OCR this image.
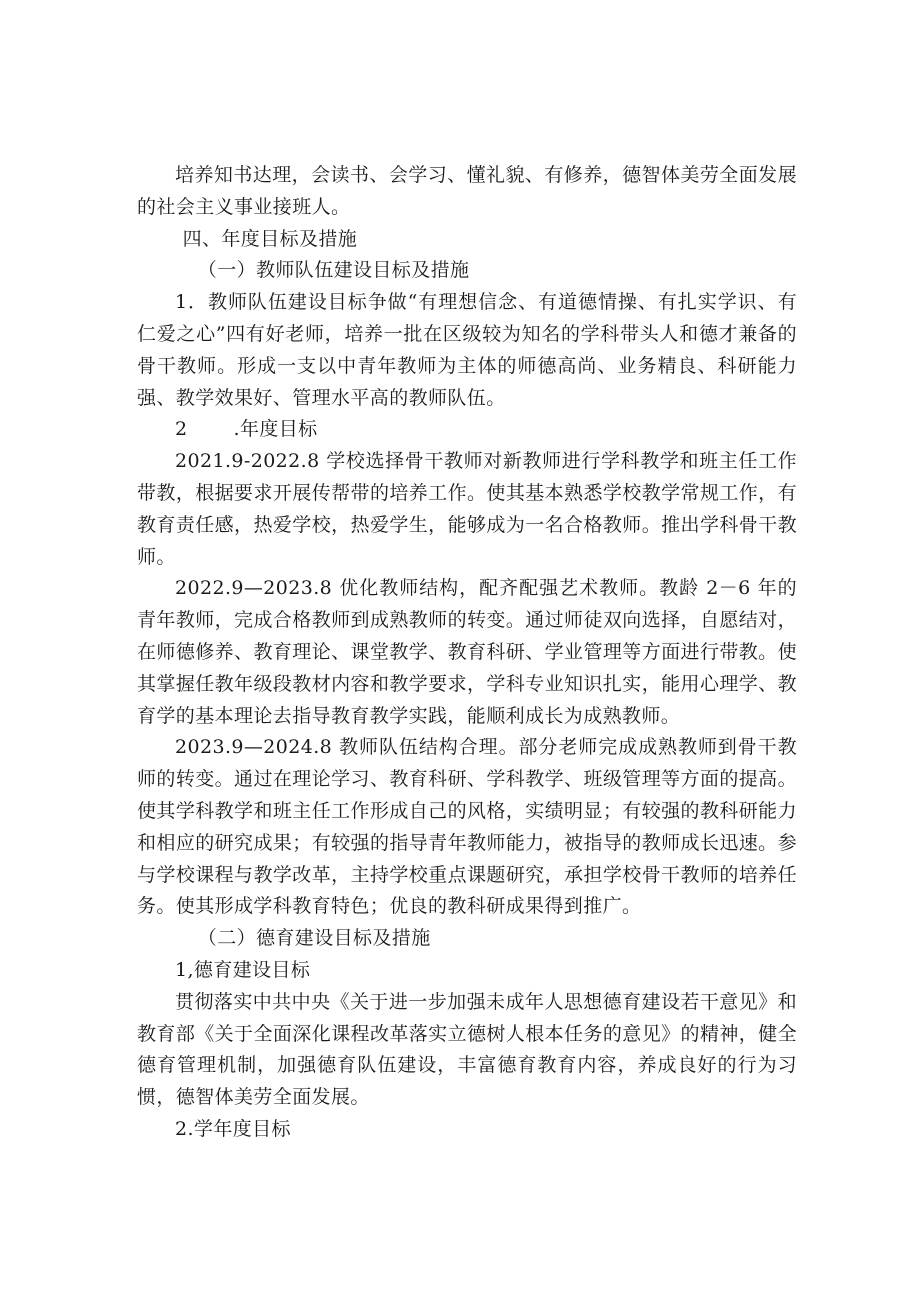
培养知书达理，会读书、会学习、懂礼貌、有修养，德智体美劳全面发展的社会主义事业接班人。

四、年度目标及措施

（一）教师队伍建设目标及措施

1．教师队伍建设目标争做“有理想信念、有道德情操、有扎实学识、有仁爱之心”四有好老师，培养一批在区级较为知名的学科带头人和德才兼备的骨干教师。形成一支以中青年教师为主体的师德高尚、业务精良、科研能力强、教学效果好、管理水平高的教师队伍。

2 .年度目标

2021.9-2022.8 学校选择骨干教师对新教师进行学科教学和班主任工作带教，根据要求开展传帮带的培养工作。使其基本熟悉学校教学常规工作，有教育责任感，热爱学校，热爱学生，能够成为一名合格教师。推出学科骨干教师。

2022.9—2023.8 优化教师结构，配齐配强艺术教师。教龄 2－6 年的青年教师，完成合格教师到成熟教师的转变。通过师徒双向选择，自愿结对，在师德修养、教育理论、课堂教学、教育科研、学业管理等方面进行带教。使其掌握任教年级段教材内容和教学要求，学科专业知识扎实，能用心理学、教育学的基本理论去指导教育教学实践，能顺利成长为成熟教师。

2023.9—2024.8 教师队伍结构合理。部分老师完成成熟教师到骨干教师的转变。通过在理论学习、教育科研、学科教学、班级管理等方面的提高。使其学科教学和班主任工作形成自己的风格，实绩明显；有较强的教科研能力和相应的研究成果；有较强的指导青年教师能力，被指导的教师成长迅速。参与学校课程与教学改革，主持学校重点课题研究，承担学校骨干教师的培养任务。使其形成学科教育特色；优良的教科研成果得到推广。

（二）德育建设目标及措施

1,德育建设目标

贯彻落实中共中央《关于进一步加强未成年人思想德育建设若干意见》和教育部《关于全面深化课程改革落实立德树人根本任务的意见》的精神，健全德育管理机制，加强德育队伍建设，丰富德育教育内容，养成良好的行为习惯，德智体美劳全面发展。

2.学年度目标
